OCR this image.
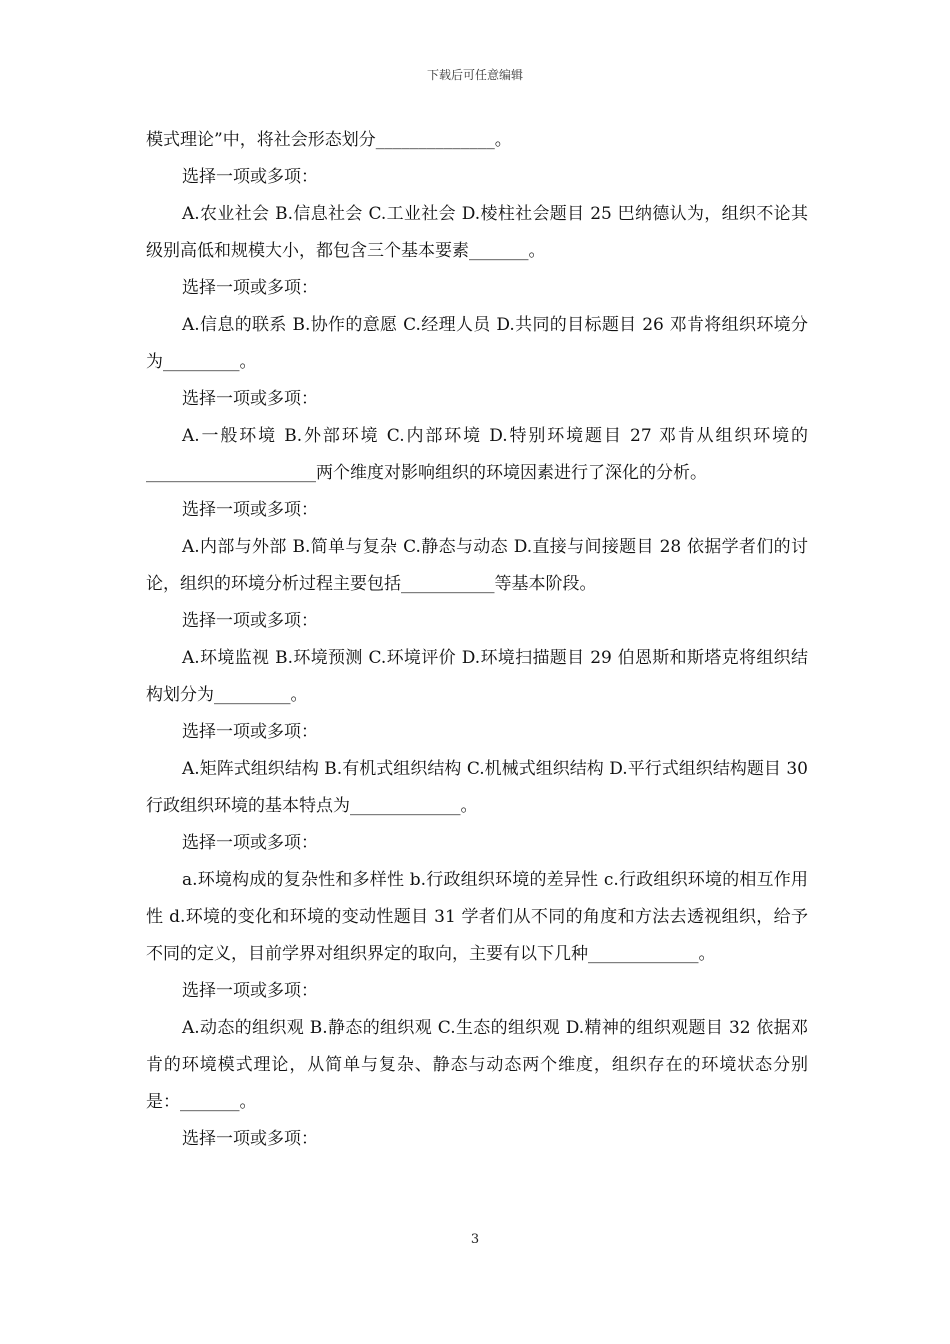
下载后可任意编辑

模式理论”中，将社会形态划分______________。

选择一项或多项：

A.农业社会 B.信息社会 C.工业社会 D.棱柱社会题目 25 巴纳德认为，组织不论其级别高低和规模大小，都包含三个基本要素_______。

选择一项或多项：

A.信息的联系 B.协作的意愿 C.经理人员 D.共同的目标题目 26 邓肯将组织环境分为_________。

选择一项或多项：

A.一般环境 B.外部环境 C.内部环境 D.特别环境题目 27 邓肯从组织环境的____________________两个维度对影响组织的环境因素进行了深化的分析。

选择一项或多项：

A.内部与外部 B.简单与复杂 C.静态与动态 D.直接与间接题目 28 依据学者们的讨论，组织的环境分析过程主要包括___________等基本阶段。

选择一项或多项：

A.环境监视 B.环境预测 C.环境评价 D.环境扫描题目 29 伯恩斯和斯塔克将组织结构划分为_________。

选择一项或多项：

A.矩阵式组织结构 B.有机式组织结构 C.机械式组织结构 D.平行式组织结构题目 30 行政组织环境的基本特点为_____________。

选择一项或多项：

a.环境构成的复杂性和多样性 b.行政组织环境的差异性 c.行政组织环境的相互作用性 d.环境的变化和环境的变动性题目 31 学者们从不同的角度和方法去透视组织，给予不同的定义，目前学界对组织界定的取向，主要有以下几种_____________。

选择一项或多项：

A.动态的组织观 B.静态的组织观 C.生态的组织观 D.精神的组织观题目 32 依据邓肯的环境模式理论，从简单与复杂、静态与动态两个维度，组织存在的环境状态分别是：_______。

选择一项或多项：

3
